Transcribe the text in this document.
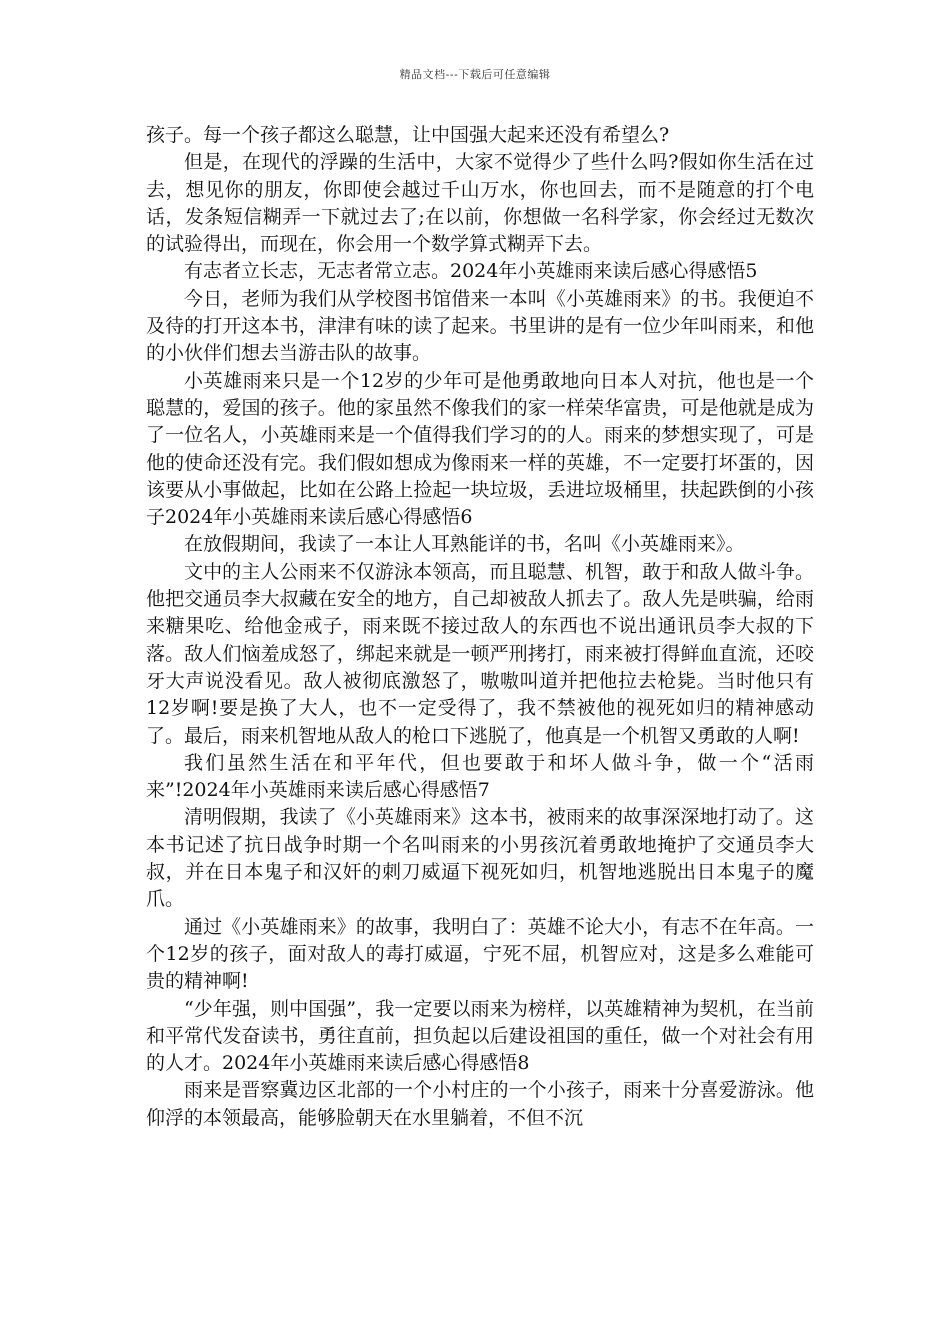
精品文档---下载后可任意编辑

孩子。每一个孩子都这么聪慧，让中国强大起来还没有希望么?

但是，在现代的浮躁的生活中，大家不觉得少了些什么吗?假如你生活在过去，想见你的朋友，你即使会越过千山万水，你也回去，而不是随意的打个电话，发条短信糊弄一下就过去了;在以前，你想做一名科学家，你会经过无数次的试验得出，而现在，你会用一个数学算式糊弄下去。

有志者立长志，无志者常立志。2024年小英雄雨来读后感心得感悟5

今日，老师为我们从学校图书馆借来一本叫《小英雄雨来》的书。我便迫不及待的打开这本书，津津有味的读了起来。书里讲的是有一位少年叫雨来，和他的小伙伴们想去当游击队的故事。

小英雄雨来只是一个12岁的少年可是他勇敢地向日本人对抗，他也是一个聪慧的，爱国的孩子。他的家虽然不像我们的家一样荣华富贵，可是他就是成为了一位名人，小英雄雨来是一个值得我们学习的的人。雨来的梦想实现了，可是他的使命还没有完。我们假如想成为像雨来一样的英雄，不一定要打坏蛋的，因该要从小事做起，比如在公路上捡起一块垃圾，丢进垃圾桶里，扶起跌倒的小孩子2024年小英雄雨来读后感心得感悟6

在放假期间，我读了一本让人耳熟能详的书，名叫《小英雄雨来》。

文中的主人公雨来不仅游泳本领高，而且聪慧、机智，敢于和敌人做斗争。他把交通员李大叔藏在安全的地方，自己却被敌人抓去了。敌人先是哄骗，给雨来糖果吃、给他金戒子，雨来既不接过敌人的东西也不说出通讯员李大叔的下落。敌人们恼羞成怒了，绑起来就是一顿严刑拷打，雨来被打得鲜血直流，还咬牙大声说没看见。敌人被彻底激怒了，嗷嗷叫道并把他拉去枪毙。当时他只有12岁啊!要是换了大人，也不一定受得了，我不禁被他的视死如归的精神感动了。最后，雨来机智地从敌人的枪口下逃脱了，他真是一个机智又勇敢的人啊!

我们虽然生活在和平年代，但也要敢于和坏人做斗争，做一个“活雨来”!2024年小英雄雨来读后感心得感悟7

清明假期，我读了《小英雄雨来》这本书，被雨来的故事深深地打动了。这本书记述了抗日战争时期一个名叫雨来的小男孩沉着勇敢地掩护了交通员李大叔，并在日本鬼子和汉奸的刺刀威逼下视死如归，机智地逃脱出日本鬼子的魔爪。

通过《小英雄雨来》的故事，我明白了：英雄不论大小，有志不在年高。一个12岁的孩子，面对敌人的毒打威逼，宁死不屈，机智应对，这是多么难能可贵的精神啊!

“少年强，则中国强”，我一定要以雨来为榜样，以英雄精神为契机，在当前和平常代发奋读书，勇往直前，担负起以后建设祖国的重任，做一个对社会有用的人才。2024年小英雄雨来读后感心得感悟8

雨来是晋察冀边区北部的一个小村庄的一个小孩子，雨来十分喜爱游泳。他仰浮的本领最高，能够脸朝天在水里躺着，不但不沉
